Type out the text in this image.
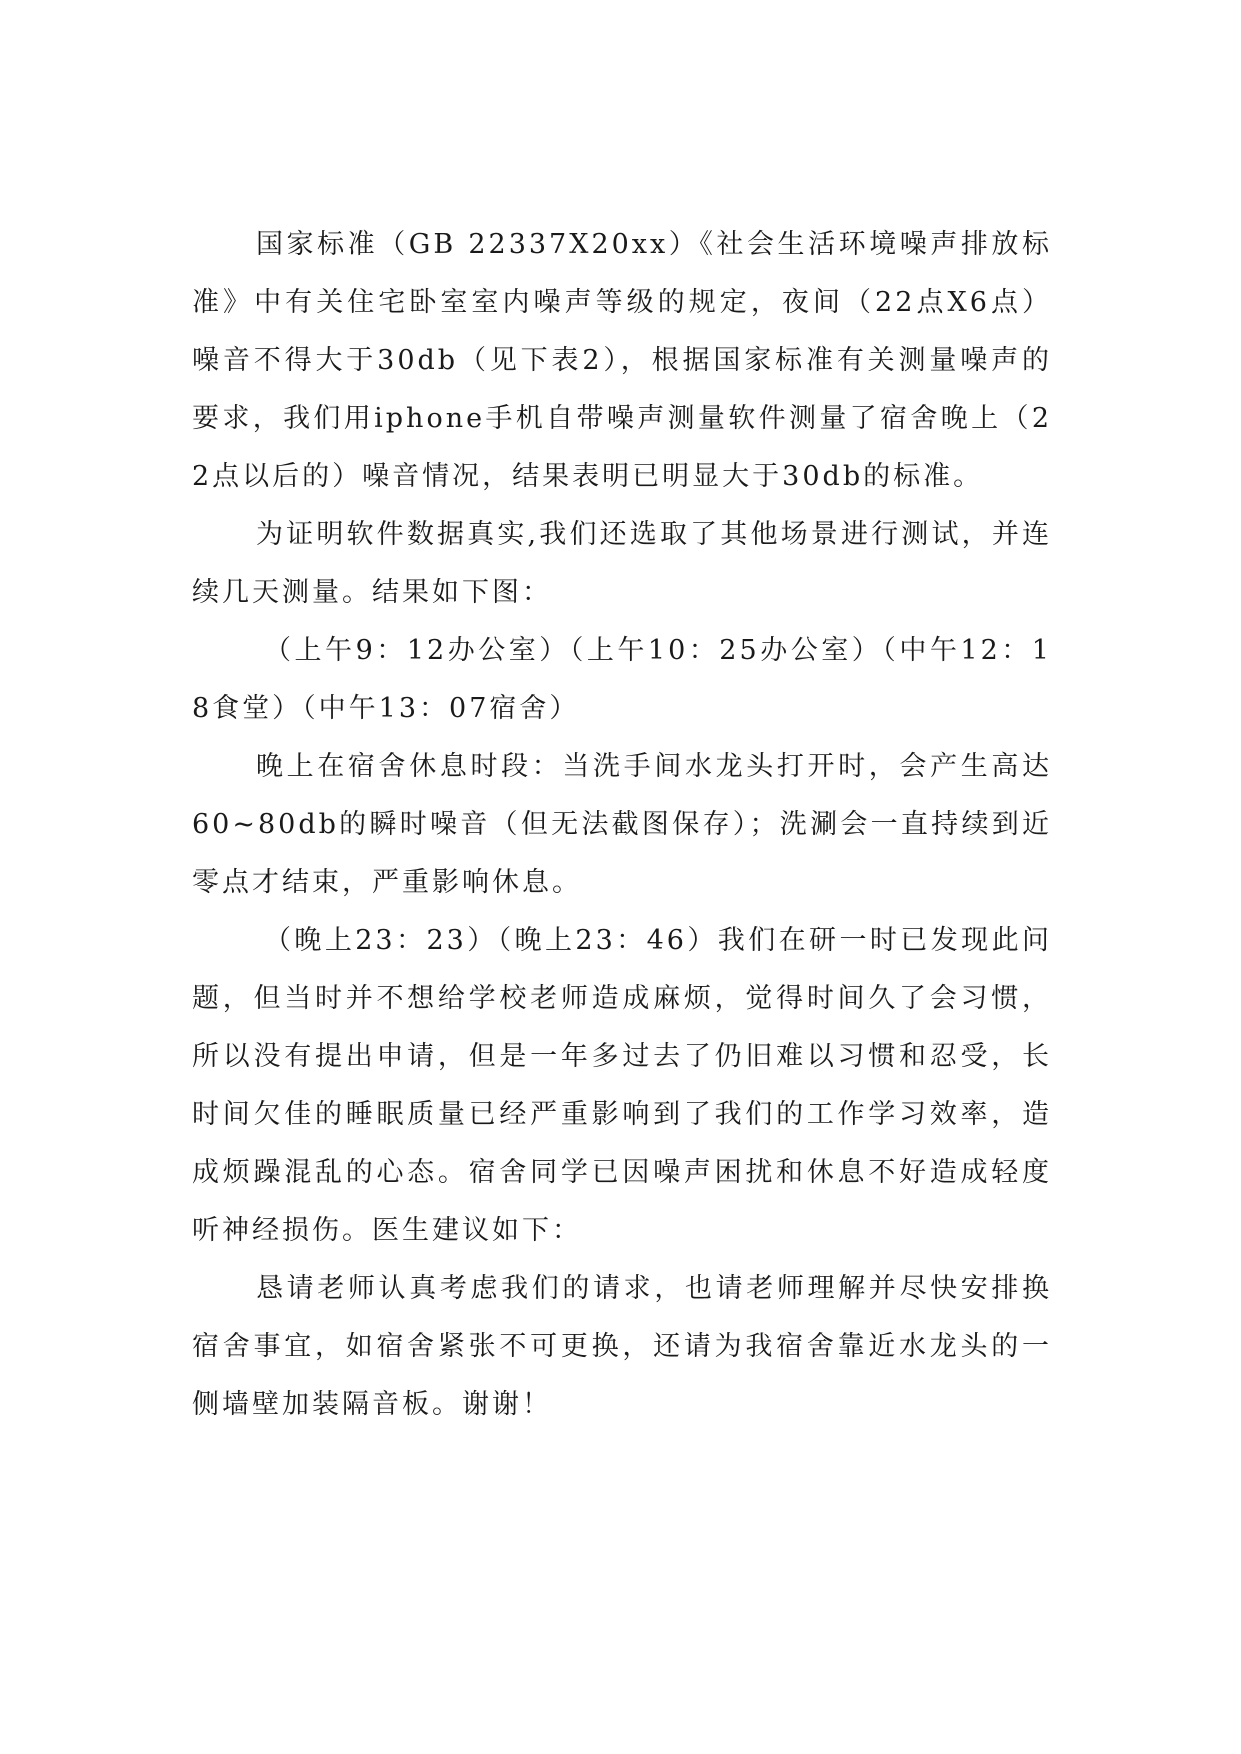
国家标准（GB 22337X20xx）《社会生活环境噪声排放标准》中有关住宅卧室室内噪声等级的规定，夜间（22点X6点）噪音不得大于30db（见下表2），根据国家标准有关测量噪声的要求，我们用iphone手机自带噪声测量软件测量了宿舍晚上（22点以后的）噪音情况，结果表明已明显大于30db的标准。

为证明软件数据真实,我们还选取了其他场景进行测试，并连续几天测量。结果如下图：

（上午9：12办公室）（上午10：25办公室）（中午12：18食堂）（中午13：07宿舍）

晚上在宿舍休息时段：当洗手间水龙头打开时，会产生高达60~80db的瞬时噪音（但无法截图保存）；洗涮会一直持续到近零点才结束，严重影响休息。

（晚上23：23）（晚上23：46）我们在研一时已发现此问题，但当时并不想给学校老师造成麻烦，觉得时间久了会习惯，所以没有提出申请，但是一年多过去了仍旧难以习惯和忍受，长时间欠佳的睡眠质量已经严重影响到了我们的工作学习效率，造成烦躁混乱的心态。宿舍同学已因噪声困扰和休息不好造成轻度听神经损伤。医生建议如下：

恳请老师认真考虑我们的请求，也请老师理解并尽快安排换宿舍事宜，如宿舍紧张不可更换，还请为我宿舍靠近水龙头的一侧墙壁加装隔音板。谢谢！
